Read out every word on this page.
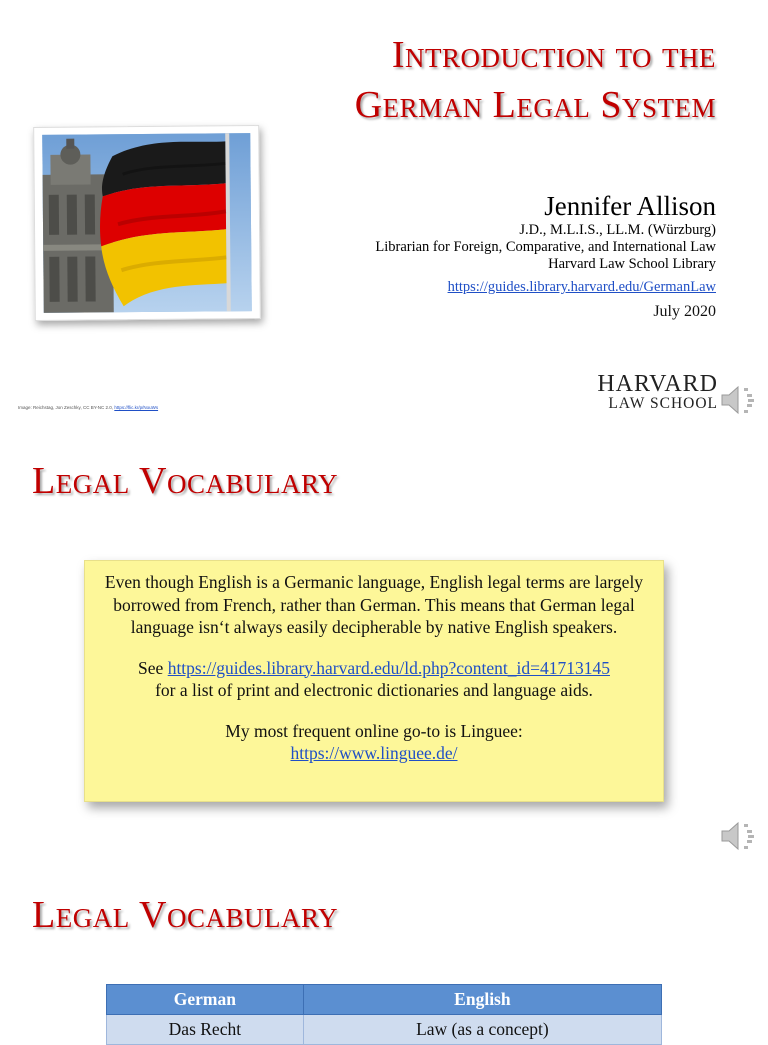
Introduction to the
German Legal System
Jennifer Allison
J.D., M.L.I.S., LL.M. (Würzburg)
Librarian for Foreign, Comparative, and International Law
Harvard Law School Library
https://guides.library.harvard.edu/GermanLaw
July 2020
Image: Reichstag, Jon Zeschky, CC BY-NC 2.0, https://flic.kr/p/NouWs
HARVARD
LAW SCHOOL
Legal Vocabulary

Even though English is a Germanic language, English legal terms are largely borrowed from French, rather than German. This means that German legal language isn‘t always easily decipherable by native English speakers.

See https://guides.library.harvard.edu/ld.php?content_id=41713145
for a list of print and electronic dictionaries and language aids.

My most frequent online go-to is Linguee:
https://www.linguee.de/

Legal Vocabulary
German	English
Das Recht	Law (as a concept)
